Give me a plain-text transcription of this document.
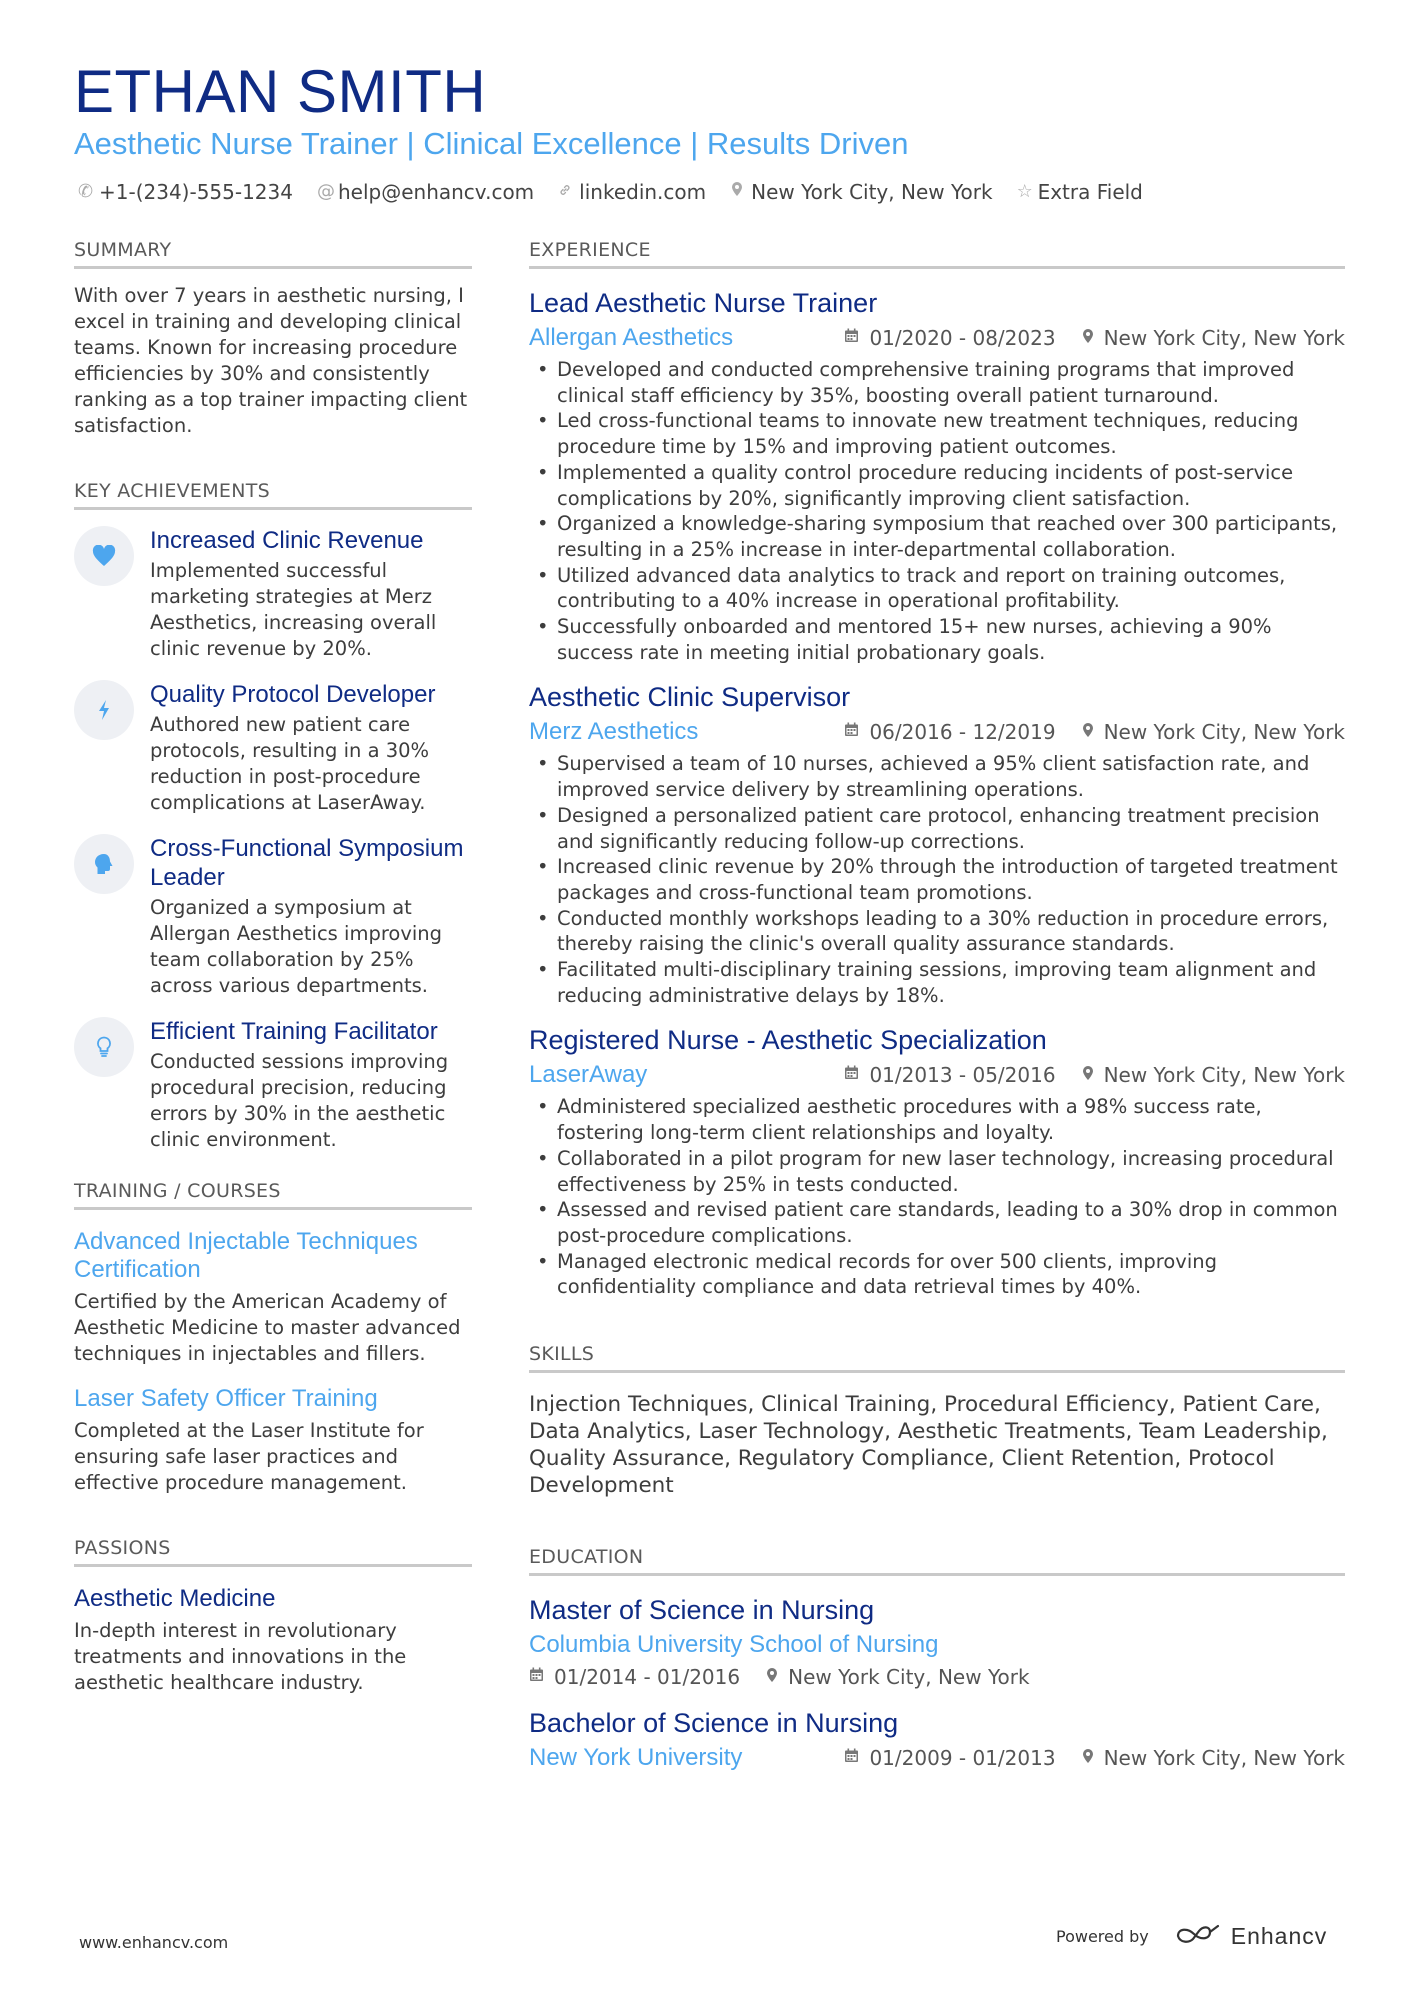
ETHAN SMITH
Aesthetic Nurse Trainer | Clinical Excellence | Results Driven
✆ +1-(234)-555-1234 @ help@enhancv.com linkedin.com New York City, New York ☆ Extra Field
SUMMARY
With over 7 years in aesthetic nursing, I excel in training and developing clinical teams. Known for increasing procedure efficiencies by 30% and consistently ranking as a top trainer impacting client satisfaction.
KEY ACHIEVEMENTS
Increased Clinic Revenue
Implemented successful marketing strategies at Merz Aesthetics, increasing overall clinic revenue by 20%.
Quality Protocol Developer
Authored new patient care protocols, resulting in a 30% reduction in post-procedure complications at LaserAway.
Cross-Functional Symposium Leader
Organized a symposium at Allergan Aesthetics improving team collaboration by 25% across various departments.
Efficient Training Facilitator
Conducted sessions improving procedural precision, reducing errors by 30% in the aesthetic clinic environment.
TRAINING / COURSES
Advanced Injectable Techniques Certification
Certified by the American Academy of Aesthetic Medicine to master advanced techniques in injectables and fillers.
Laser Safety Officer Training
Completed at the Laser Institute for ensuring safe laser practices and effective procedure management.
PASSIONS
Aesthetic Medicine
In-depth interest in revolutionary treatments and innovations in the aesthetic healthcare industry.
EXPERIENCE
Lead Aesthetic Nurse Trainer
Allergan Aesthetics	01/2020 - 08/2023 New York City, New York
• Developed and conducted comprehensive training programs that improved clinical staff efficiency by 35%, boosting overall patient turnaround.
• Led cross-functional teams to innovate new treatment techniques, reducing procedure time by 15% and improving patient outcomes.
• Implemented a quality control procedure reducing incidents of post-service complications by 20%, significantly improving client satisfaction.
• Organized a knowledge-sharing symposium that reached over 300 participants, resulting in a 25% increase in inter-departmental collaboration.
• Utilized advanced data analytics to track and report on training outcomes, contributing to a 40% increase in operational profitability.
• Successfully onboarded and mentored 15+ new nurses, achieving a 90% success rate in meeting initial probationary goals.
Aesthetic Clinic Supervisor
Merz Aesthetics	06/2016 - 12/2019 New York City, New York
• Supervised a team of 10 nurses, achieved a 95% client satisfaction rate, and improved service delivery by streamlining operations.
• Designed a personalized patient care protocol, enhancing treatment precision and significantly reducing follow-up corrections.
• Increased clinic revenue by 20% through the introduction of targeted treatment packages and cross-functional team promotions.
• Conducted monthly workshops leading to a 30% reduction in procedure errors, thereby raising the clinic's overall quality assurance standards.
• Facilitated multi-disciplinary training sessions, improving team alignment and reducing administrative delays by 18%.
Registered Nurse - Aesthetic Specialization
LaserAway	01/2013 - 05/2016 New York City, New York
• Administered specialized aesthetic procedures with a 98% success rate, fostering long-term client relationships and loyalty.
• Collaborated in a pilot program for new laser technology, increasing procedural effectiveness by 25% in tests conducted.
• Assessed and revised patient care standards, leading to a 30% drop in common post-procedure complications.
• Managed electronic medical records for over 500 clients, improving confidentiality compliance and data retrieval times by 40%.
SKILLS
Injection Techniques, Clinical Training, Procedural Efficiency, Patient Care, Data Analytics, Laser Technology, Aesthetic Treatments, Team Leadership, Quality Assurance, Regulatory Compliance, Client Retention, Protocol Development
EDUCATION
Master of Science in Nursing
Columbia University School of Nursing
01/2014 - 01/2016 New York City, New York
Bachelor of Science in Nursing
New York University	01/2009 - 01/2013 New York City, New York
www.enhancv.com	Powered by	Enhancv
